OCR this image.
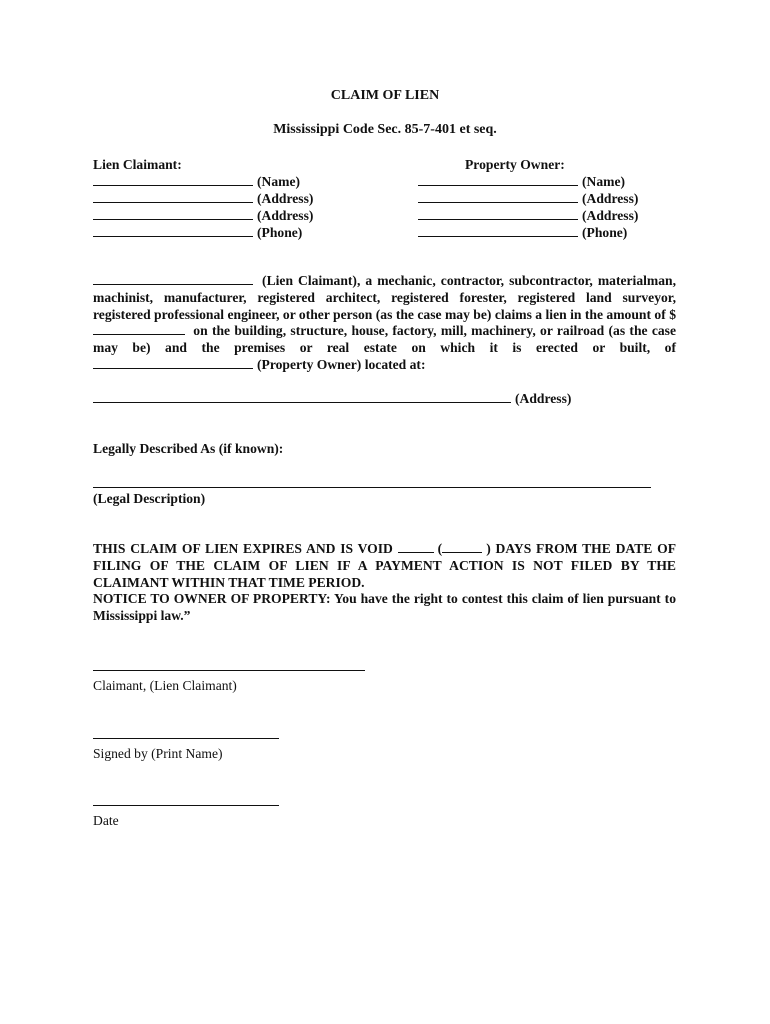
CLAIM OF LIEN
Mississippi Code Sec. 85-7-401 et seq.
Lien Claimant:
(Name)
(Address)
(Address)
(Phone)
Property Owner:
(Name)
(Address)
(Address)
(Phone)
(Lien Claimant), a mechanic, contractor, subcontractor, materialman, machinist, manufacturer, registered architect, registered forester, registered land surveyor, registered professional engineer, or other person (as the case may be) claims a lien in the amount of $ on the building, structure, house, factory, mill, machinery, or railroad (as the case may be) and the premises or real estate on which it is erected or built, of (Property Owner) located at:
(Address)
Legally Described As (if known):
(Legal Description)
THIS CLAIM OF LIEN EXPIRES AND IS VOID	(	) DAYS FROM THE DATE OF FILING OF THE CLAIM OF LIEN IF A PAYMENT ACTION IS NOT FILED BY THE CLAIMANT WITHIN THAT TIME PERIOD.
NOTICE TO OWNER OF PROPERTY: You have the right to contest this claim of lien pursuant to Mississippi law.”
Claimant, (Lien Claimant)
Signed by (Print Name)
Date
